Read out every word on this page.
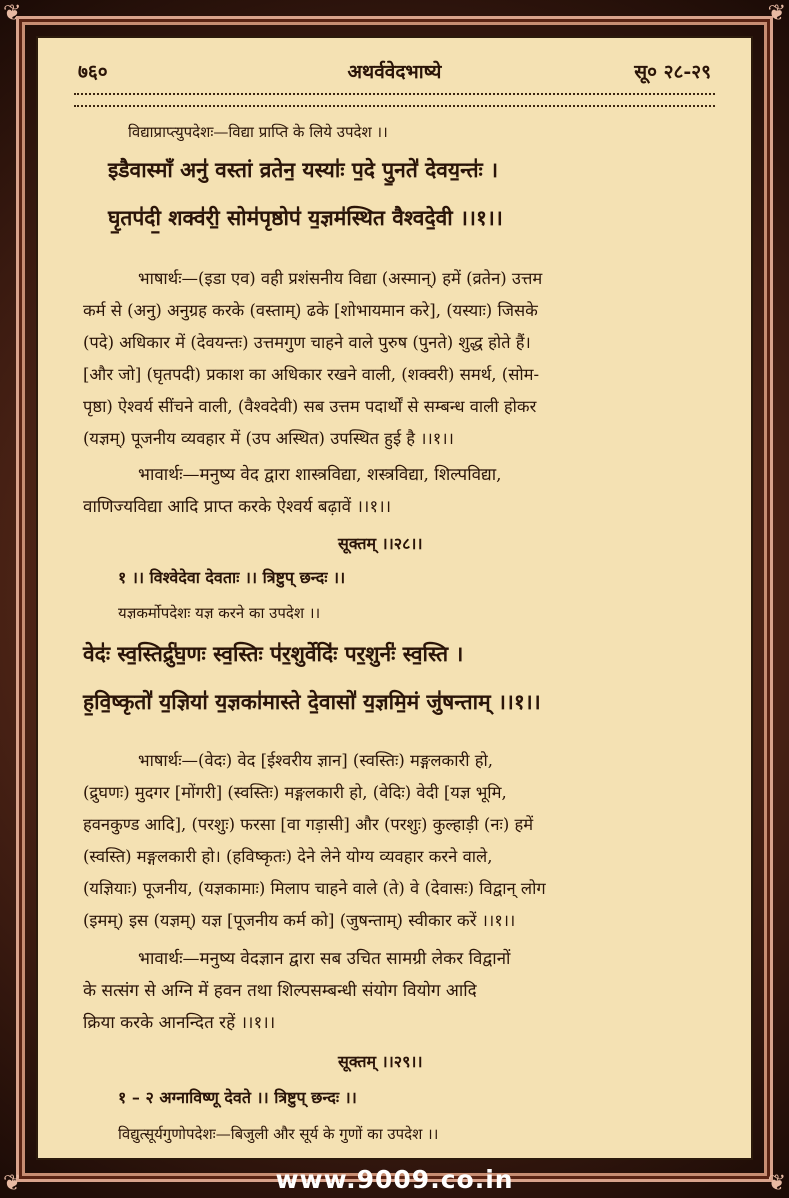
❦	❦
❦	❦
७६०	अथर्ववेदभाष्ये	सू० २८-२९
विद्याप्राप्त्युपदेशः—विद्या प्राप्ति के लिये उपदेश ।।
इडैवास्माँ अनु॑ वस्तां व्रतेन॒ यस्याः॑ प॒दे पु॒नते॑ देवय॒न्तः॑ ।
घृ॒तप॑दी॒ शक्व॑री॒ सोम॑पृष्ठोप॑ य॒ज्ञम॑स्थित वैश्वदे॒वी ।।१।।
भाषार्थः—(इडा एव) वही प्रशंसनीय विद्या (अस्मान्) हमें (व्रतेन) उत्तम
कर्म से (अनु) अनुग्रह करके (वस्ताम्) ढके [शोभायमान करे], (यस्याः) जिसके
(पदे) अधिकार में (देवयन्तः) उत्तमगुण चाहने वाले पुरुष (पुनते) शुद्ध होते हैं।
[और जो] (घृतपदी) प्रकाश का अधिकार रखने वाली, (शक्वरी) समर्थ, (सोम-
पृष्ठा) ऐश्वर्य सींचने वाली, (वैश्वदेवी) सब उत्तम पदार्थों से सम्बन्ध वाली होकर
(यज्ञम्) पूजनीय व्यवहार में (उप अस्थित) उपस्थित हुई है ।।१।।
भावार्थः—मनुष्य वेद द्वारा शास्त्रविद्या, शस्त्रविद्या, शिल्पविद्या,
वाणिज्यविद्या आदि प्राप्त करके ऐश्वर्य बढ़ावें ।।१।।
सूक्तम् ।।२८।।
१ ।। विश्वेदेवा देवताः ।। त्रिष्टुप् छन्दः ।।
यज्ञकर्मोपदेशः यज्ञ करने का उपदेश ।।
वेदः॑ स्व॒स्तिर्द्रु॑घ॒णः स्व॒स्तिः प॑र॒शुर्वेदिः॑ पर॒शुर्नः॑ स्व॒स्ति ।
ह॒वि॒ष्कृतो॑ य॒ज्ञिया॑ य॒ज्ञका॑मास्ते दे॒वासो॑ य॒ज्ञमि॒मं जु॑षन्ताम् ।।१।।
भाषार्थः—(वेदः) वेद [ईश्वरीय ज्ञान] (स्वस्तिः) मङ्गलकारी हो,
(द्रुघणः) मुदगर [मोंगरी] (स्वस्तिः) मङ्गलकारी हो, (वेदिः) वेदी [यज्ञ भूमि,
हवनकुण्ड आदि], (परशुः) फरसा [वा गड़ासी] और (परशुः) कुल्हाड़ी (नः) हमें
(स्वस्ति) मङ्गलकारी हो। (हविष्कृतः) देने लेने योग्य व्यवहार करने वाले,
(यज्ञियाः) पूजनीय, (यज्ञकामाः) मिलाप चाहने वाले (ते) वे (देवासः) विद्वान् लोग
(इमम्) इस (यज्ञम्) यज्ञ [पूजनीय कर्म को] (जुषन्ताम्) स्वीकार करें ।।१।।
भावार्थः—मनुष्य वेदज्ञान द्वारा सब उचित सामग्री लेकर विद्वानों
के सत्संग से अग्नि में हवन तथा शिल्पसम्बन्धी संयोग वियोग आदि
क्रिया करके आनन्दित रहें ।।१।।
सूक्तम् ।।२९।।
१ – २ अग्नाविष्णू देवते ।। त्रिष्टुप् छन्दः ।।
विद्युत्सूर्यगुणोपदेशः—बिजुली और सूर्य के गुणों का उपदेश ।।
www.9009.co.in
